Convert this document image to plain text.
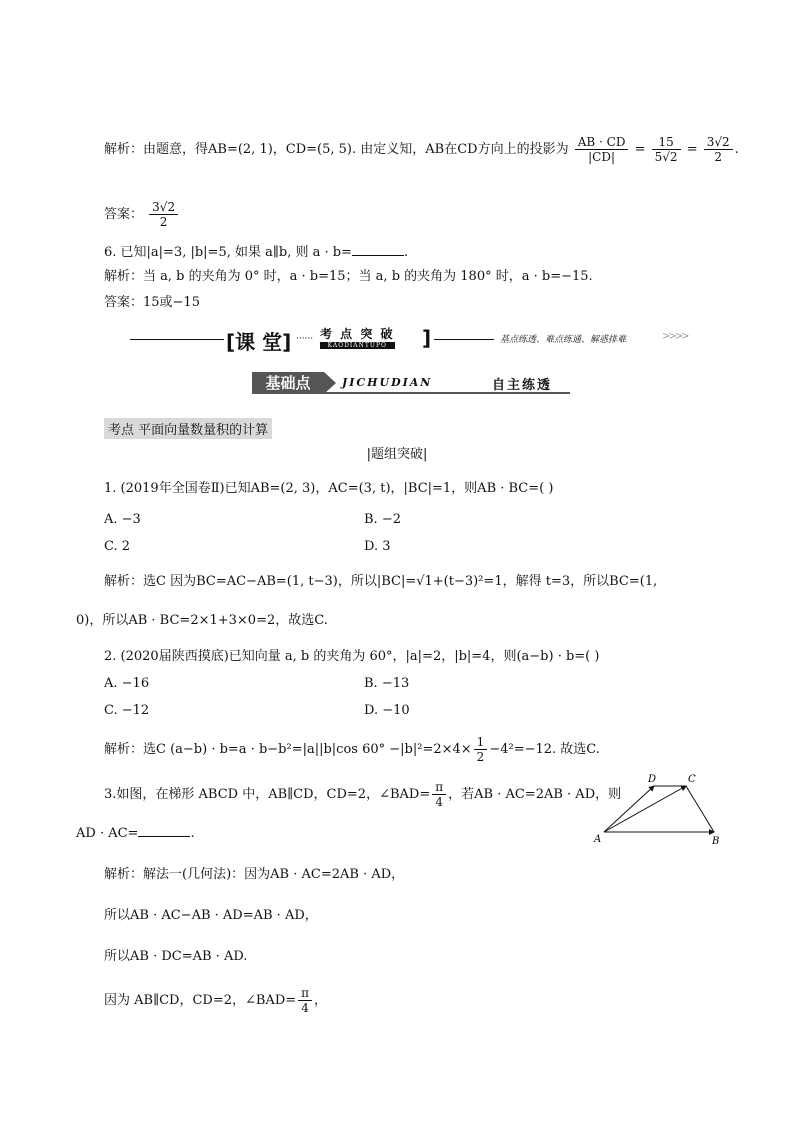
解析：由题意，得AB=(2, 1)，CD=(5, 5). 由定义知，AB在CD方向上的投影为 $\frac{AB \cdot CD}{|CD|} = \frac{15}{5√2} = \frac{3√2}{2}$ .
答案： $\frac{3√2}{2}$
6. 已知|a|=3, |b|=5, 如果 a∥b, 则 a · b=	.
解析：当 a, b 的夹角为 0° 时，a · b=15；当 a, b 的夹角为 180° 时，a · b=−15.
答案：15或−15
[课 堂] ······ 考 点 突 破
KAODIANTUPO	]	基点练透、难点练通、解惑排难	>>>>
基础点	JICHUDIAN	自主练透
考点 平面向量数量积的计算
|题组突破|
1. (2019年全国卷Ⅱ)已知AB=(2, 3)，AC=(3, t)，|BC|=1，则AB · BC=( )
A. −3	B. −2
C. 2	D. 3
解析：选C 因为BC=AC−AB=(1, t−3)，所以|BC|=√1+(t−3)²=1，解得 t=3，所以BC=(1,
0)，所以AB · BC=2×1+3×0=2，故选C.
2. (2020届陕西摸底)已知向量 a, b 的夹角为 60°，|a|=2，|b|=4，则(a−b) · b=( )
A. −16	B. −13
C. −12	D. −10
解析：选C (a−b) · b=a · b−b²=|a||b|cos $60^\circ -|b|^2=2\times 4\times \frac{1}{2} -4^2=-12$. 故选C.
3.如图，在梯形 ABCD 中，AB∥CD，CD=2，∠BAD= $\frac{\pi}{4}$ ，若AB · AC=2AB · AD，则
AD · AC=	.	A	B
C
D
解析：解法一(几何法)：因为AB · AC=2AB · AD，
所以AB · AC−AB · AD=AB · AD，
所以AB · DC=AB · AD.
因为 AB∥CD，CD=2，∠BAD= $\frac{\pi}{4}$ ，
